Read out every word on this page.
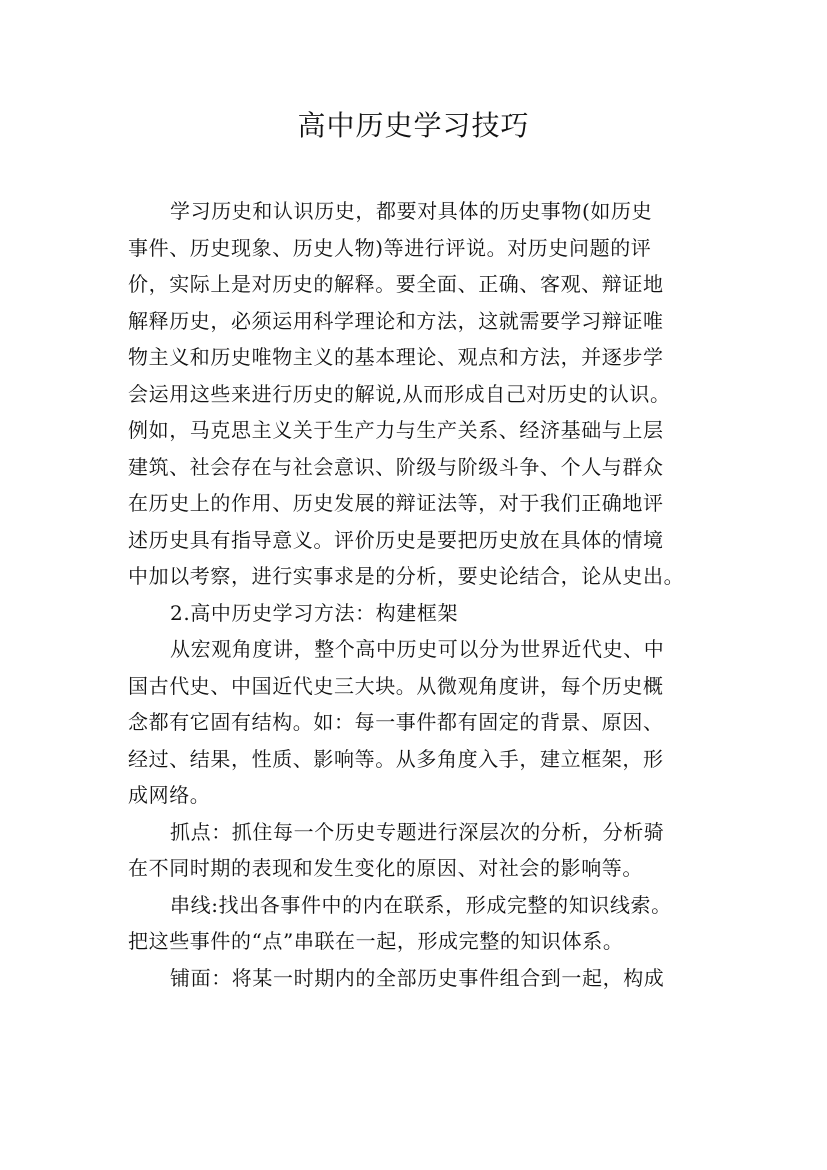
高中历史学习技巧
学习历史和认识历史，都要对具体的历史事物(如历史
事件、历史现象、历史人物)等进行评说。对历史问题的评
价，实际上是对历史的解释。要全面、正确、客观、辩证地
解释历史，必须运用科学理论和方法，这就需要学习辩证唯
物主义和历史唯物主义的基本理论、观点和方法，并逐步学
会运用这些来进行历史的解说,从而形成自己对历史的认识。
例如，马克思主义关于生产力与生产关系、经济基础与上层
建筑、社会存在与社会意识、阶级与阶级斗争、个人与群众
在历史上的作用、历史发展的辩证法等，对于我们正确地评
述历史具有指导意义。评价历史是要把历史放在具体的情境
中加以考察，进行实事求是的分析，要史论结合，论从史出。
2.高中历史学习方法：构建框架
从宏观角度讲，整个高中历史可以分为世界近代史、中
国古代史、中国近代史三大块。从微观角度讲，每个历史概
念都有它固有结构。如：每一事件都有固定的背景、原因、
经过、结果，性质、影响等。从多角度入手，建立框架，形
成网络。
抓点：抓住每一个历史专题进行深层次的分析，分析骑
在不同时期的表现和发生变化的原因、对社会的影响等。
串线:找出各事件中的内在联系，形成完整的知识线索。
把这些事件的“点”串联在一起，形成完整的知识体系。
铺面：将某一时期内的全部历史事件组合到一起，构成
